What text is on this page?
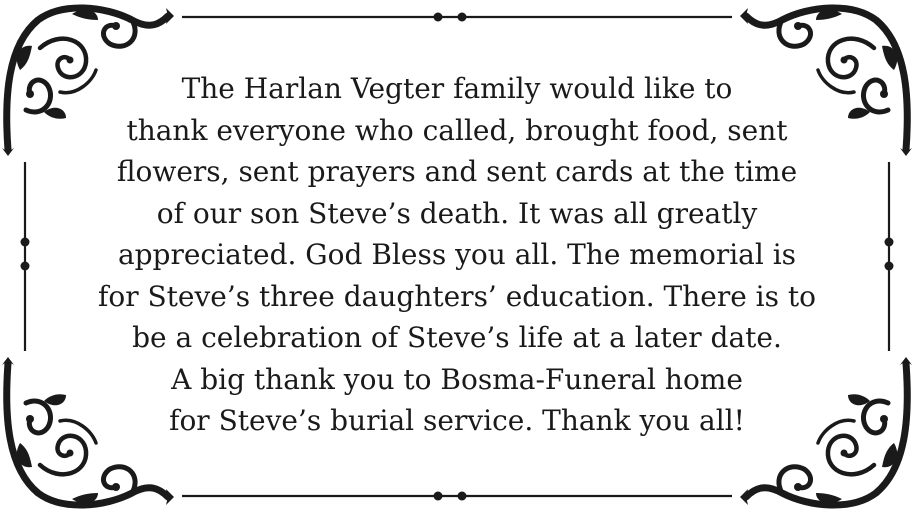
The Harlan Vegter family would like to
thank everyone who called, brought food, sent
flowers, sent prayers and sent cards at the time
of our son Steve’s death. It was all greatly
appreciated. God Bless you all. The memorial is
for Steve’s three daughters’ education. There is to
be a celebration of Steve’s life at a later date.
A big thank you to Bosma-Funeral home
for Steve’s burial service. Thank you all!
